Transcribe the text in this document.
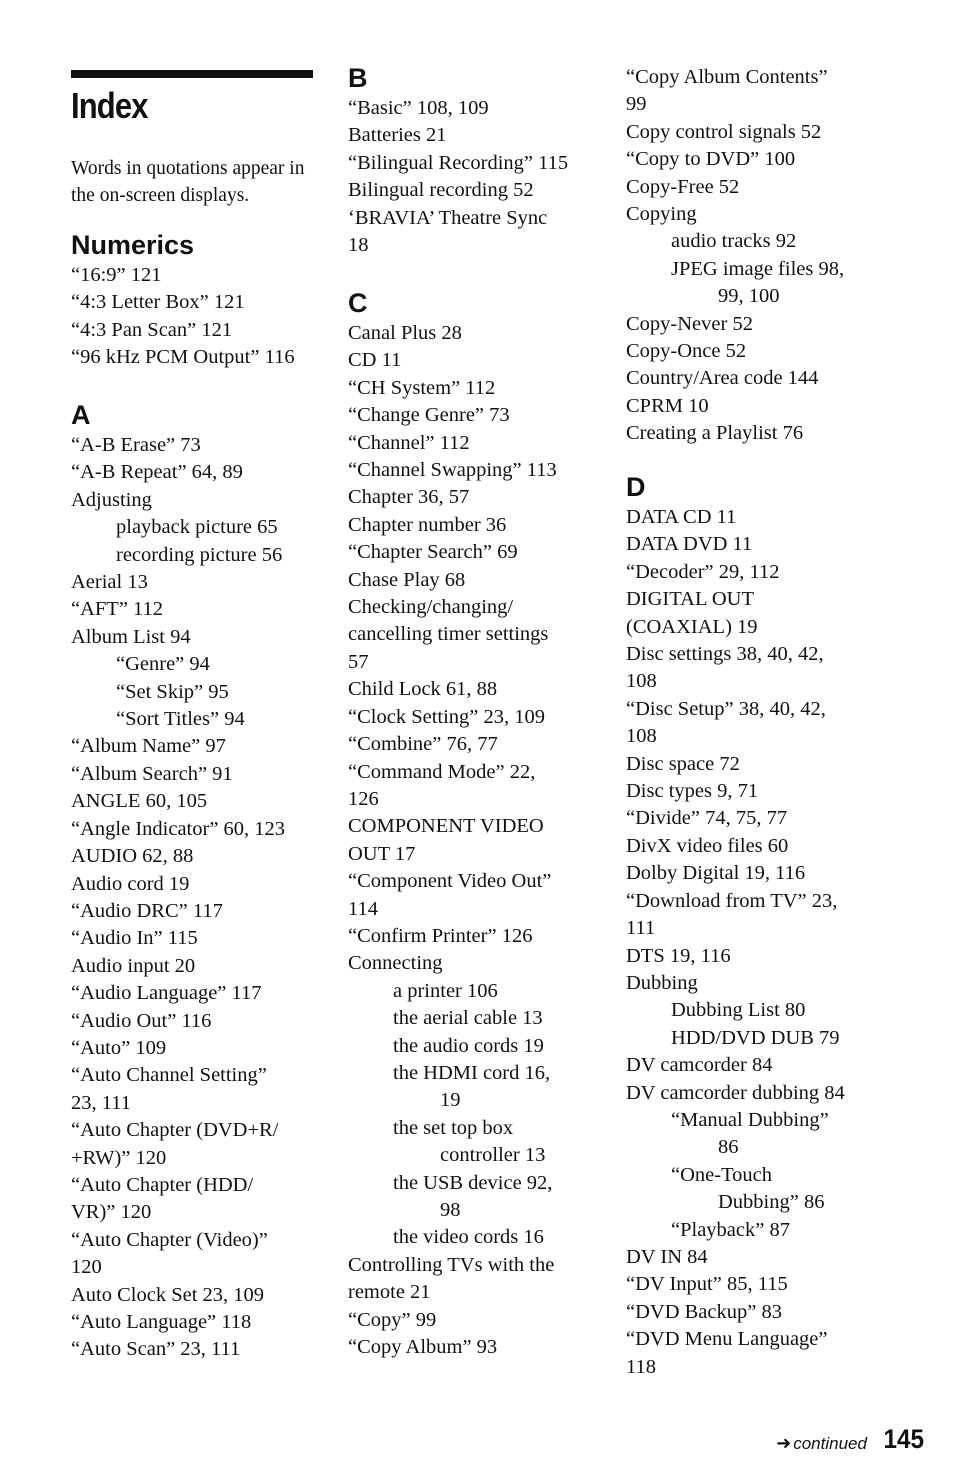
Index
Words in quotations appear in the on-screen displays.
Numerics
“16:9” 121
“4:3 Letter Box” 121
“4:3 Pan Scan” 121
“96 kHz PCM Output” 116
A
“A-B Erase” 73
“A-B Repeat” 64, 89
Adjusting
playback picture 65
recording picture 56
Aerial 13
“AFT” 112
Album List 94
“Genre” 94
“Set Skip” 95
“Sort Titles” 94
“Album Name” 97
“Album Search” 91
ANGLE 60, 105
“Angle Indicator” 60, 123
AUDIO 62, 88
Audio cord 19
“Audio DRC” 117
“Audio In” 115
Audio input 20
“Audio Language” 117
“Audio Out” 116
“Auto” 109
“Auto Channel Setting”
23, 111
“Auto Chapter (DVD+R/
+RW)” 120
“Auto Chapter (HDD/
VR)” 120
“Auto Chapter (Video)”
120
Auto Clock Set 23, 109
“Auto Language” 118
“Auto Scan” 23, 111
B
“Basic” 108, 109
Batteries 21
“Bilingual Recording” 115
Bilingual recording 52
‘BRAVIA’ Theatre Sync
18
C
Canal Plus 28
CD 11
“CH System” 112
“Change Genre” 73
“Channel” 112
“Channel Swapping” 113
Chapter 36, 57
Chapter number 36
“Chapter Search” 69
Chase Play 68
Checking/changing/
cancelling timer settings
57
Child Lock 61, 88
“Clock Setting” 23, 109
“Combine” 76, 77
“Command Mode” 22,
126
COMPONENT VIDEO
OUT 17
“Component Video Out”
114
“Confirm Printer” 126
Connecting
a printer 106
the aerial cable 13
the audio cords 19
the HDMI cord 16,
19
the set top box
controller 13
the USB device 92,
98
the video cords 16
Controlling TVs with the
remote 21
“Copy” 99
“Copy Album” 93
“Copy Album Contents”
99
Copy control signals 52
“Copy to DVD” 100
Copy-Free 52
Copying
audio tracks 92
JPEG image files 98,
99, 100
Copy-Never 52
Copy-Once 52
Country/Area code 144
CPRM 10
Creating a Playlist 76
D
DATA CD 11
DATA DVD 11
“Decoder” 29, 112
DIGITAL OUT
(COAXIAL) 19
Disc settings 38, 40, 42,
108
“Disc Setup” 38, 40, 42,
108
Disc space 72
Disc types 9, 71
“Divide” 74, 75, 77
DivX video files 60
Dolby Digital 19, 116
“Download from TV” 23,
111
DTS 19, 116
Dubbing
Dubbing List 80
HDD/DVD DUB 79
DV camcorder 84
DV camcorder dubbing 84
“Manual Dubbing”
86
“One-Touch
Dubbing” 86
“Playback” 87
DV IN 84
“DV Input” 85, 115
“DVD Backup” 83
“DVD Menu Language”
118
➜ continued 145
